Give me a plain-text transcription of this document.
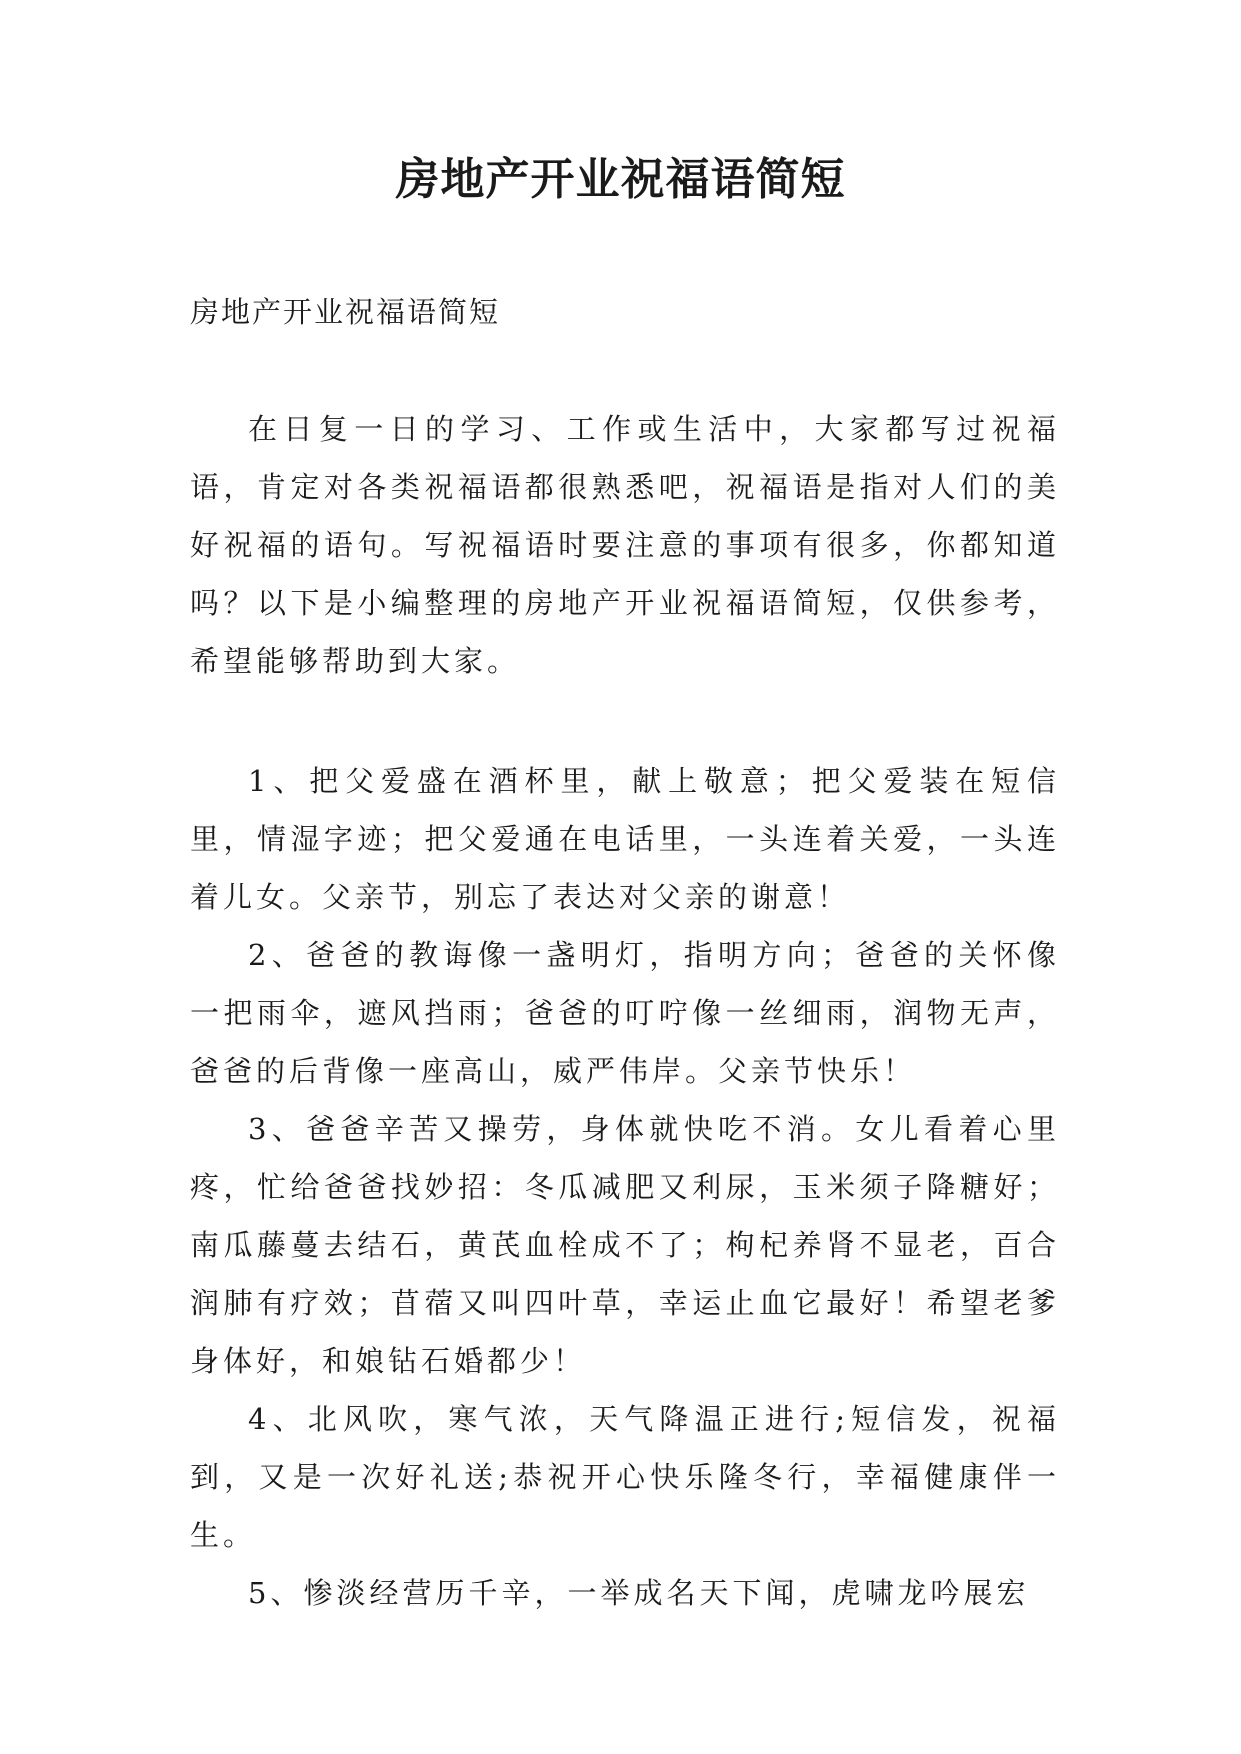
房地产开业祝福语简短

房地产开业祝福语简短

在日复一日的学习、工作或生活中，大家都写过祝福语，肯定对各类祝福语都很熟悉吧，祝福语是指对人们的美好祝福的语句。写祝福语时要注意的事项有很多，你都知道吗？以下是小编整理的房地产开业祝福语简短，仅供参考，希望能够帮助到大家。

1、把父爱盛在酒杯里，献上敬意；把父爱装在短信里，情湿字迹；把父爱通在电话里，一头连着关爱，一头连着儿女。父亲节，别忘了表达对父亲的谢意！

2、爸爸的教诲像一盏明灯，指明方向；爸爸的关怀像一把雨伞，遮风挡雨；爸爸的叮咛像一丝细雨，润物无声，爸爸的后背像一座高山，威严伟岸。父亲节快乐！

3、爸爸辛苦又操劳，身体就快吃不消。女儿看着心里疼，忙给爸爸找妙招：冬瓜减肥又利尿，玉米须子降糖好；南瓜藤蔓去结石，黄芪血栓成不了；枸杞养肾不显老，百合润肺有疗效；苜蓿又叫四叶草，幸运止血它最好！希望老爹身体好，和娘钻石婚都少！

4、北风吹，寒气浓，天气降温正进行;短信发，祝福到，又是一次好礼送;恭祝开心快乐隆冬行，幸福健康伴一生。

5、惨淡经营历千辛，一举成名天下闻，虎啸龙吟展宏
